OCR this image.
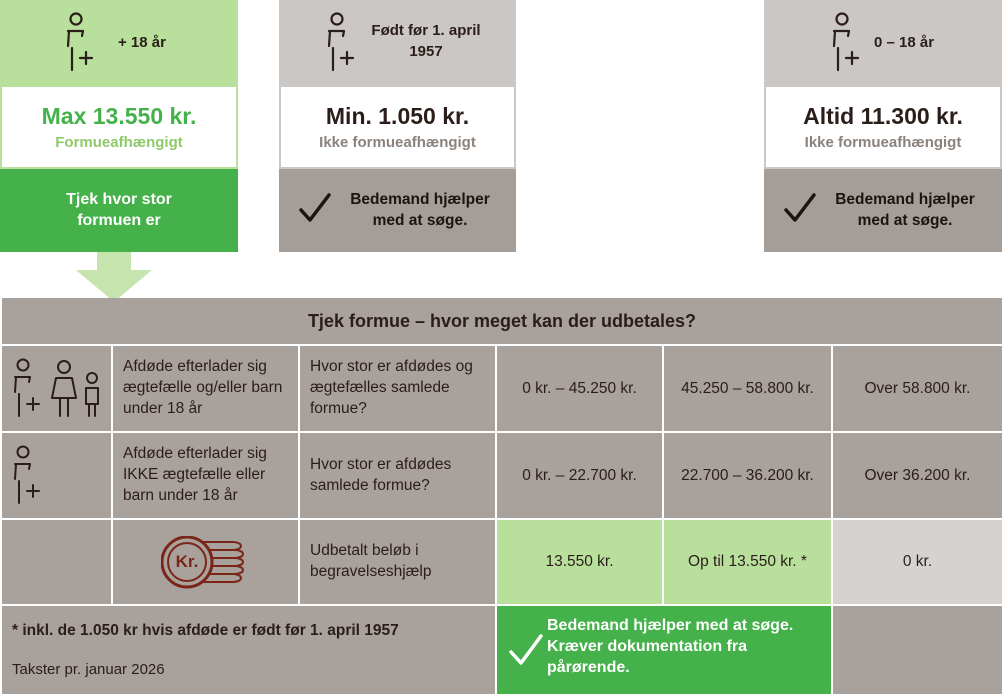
+ 18 år
Max 13.550 kr.
Formueafhængigt
Tjek hvor stor formuen er
Født før 1. april 1957
Min. 1.050 kr.
Ikke formueafhængigt
Bedemand hjælper med at søge.
0 – 18 år
Altid 11.300 kr.
Ikke formueafhængigt
Bedemand hjælper med at søge.
Tjek formue – hvor meget kan der udbetales?
Afdøde efterlader sig ægtefælle og/eller barn under 18 år
Hvor stor er afdødes og ægtefælles samlede formue?
0 kr. – 45.250 kr.	45.250 – 58.800 kr.	Over 58.800 kr.
Afdøde efterlader sig IKKE ægtefælle eller barn under 18 år
Hvor stor er afdødes samlede formue?
0 kr. – 22.700 kr.	22.700 – 36.200 kr.	Over 36.200 kr.
Kr.
Udbetalt beløb i begravelseshjælp
13.550 kr.	Op til 13.550 kr. *	0 kr.
* inkl. de 1.050 kr hvis afdøde er født før 1. april 1957
Takster pr. januar 2026
Bedemand hjælper med at søge. Kræver dokumentation fra pårørende.
